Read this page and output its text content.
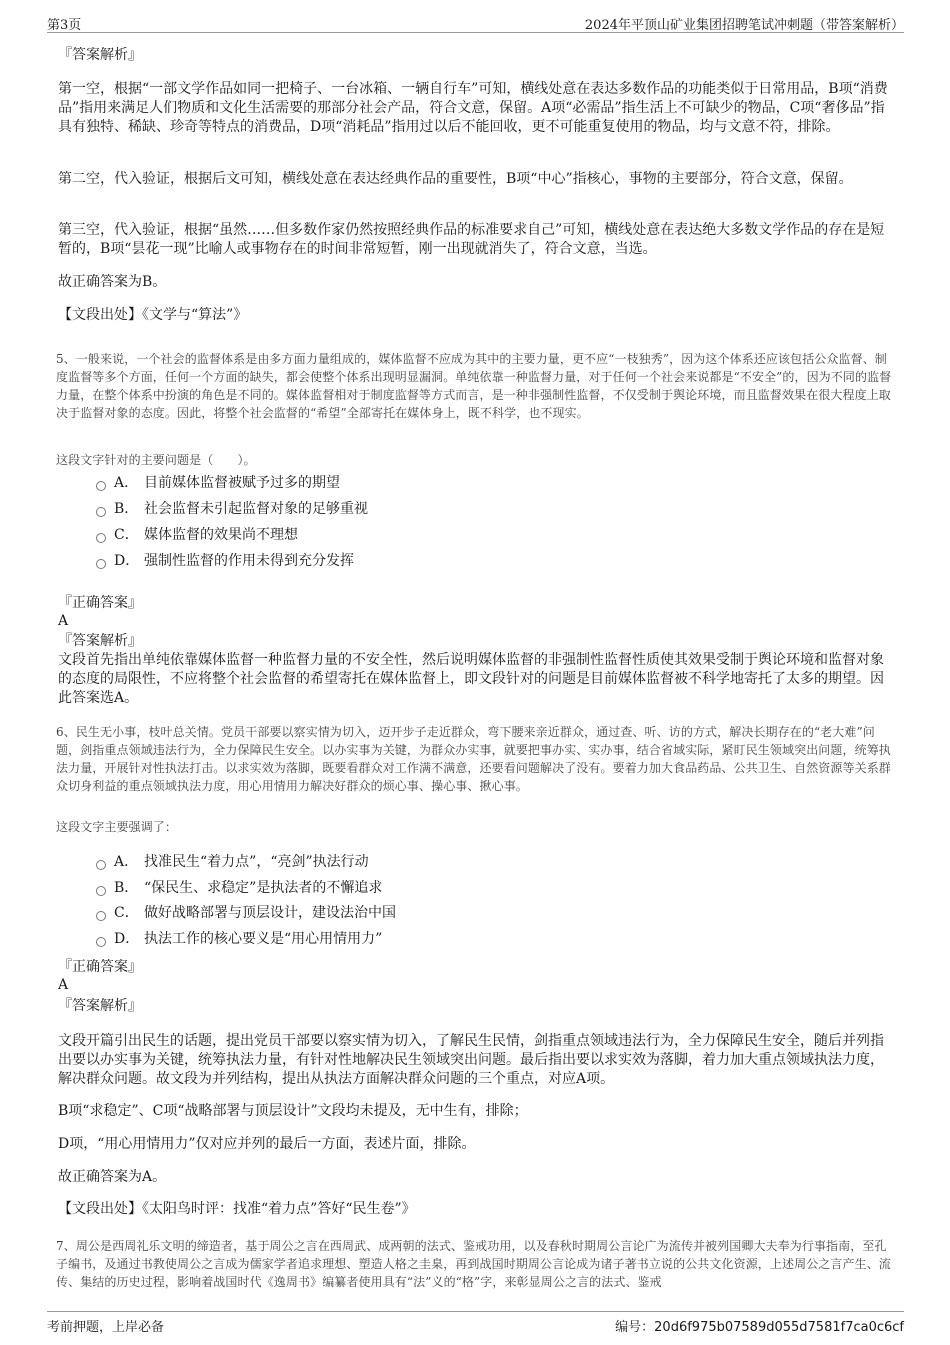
第3页	2024年平顶山矿业集团招聘笔试冲刺题（带答案解析）

『答案解析』

第一空，根据“一部文学作品如同一把椅子、一台冰箱、一辆自行车”可知，横线处意在表达多数作品的功能类似于日常用品，B项“消费品”指用来满足人们物质和文化生活需要的那部分社会产品，符合文意，保留。A项“必需品”指生活上不可缺少的物品，C项“奢侈品”指具有独特、稀缺、珍奇等特点的消费品，D项“消耗品”指用过以后不能回收，更不可能重复使用的物品，均与文意不符，排除。

第二空，代入验证，根据后文可知，横线处意在表达经典作品的重要性，B项“中心”指核心，事物的主要部分，符合文意，保留。

第三空，代入验证，根据“虽然……但多数作家仍然按照经典作品的标准要求自己”可知，横线处意在表达绝大多数文学作品的存在是短暂的，B项“昙花一现”比喻人或事物存在的时间非常短暂，刚一出现就消失了，符合文意，当选。

故正确答案为B。

【文段出处】《文学与“算法”》

5、一般来说，一个社会的监督体系是由多方面力量组成的，媒体监督不应成为其中的主要力量，更不应“一枝独秀”，因为这个体系还应该包括公众监督、制度监督等多个方面，任何一个方面的缺失，都会使整个体系出现明显漏洞。单纯依靠一种监督力量，对于任何一个社会来说都是“不安全”的，因为不同的监督力量，在整个体系中扮演的角色是不同的。媒体监督相对于制度监督等方式而言，是一种非强制性监督，不仅受制于舆论环境，而且监督效果在很大程度上取决于监督对象的态度。因此，将整个社会监督的“希望”全部寄托在媒体身上，既不科学，也不现实。

这段文字针对的主要问题是（　　）。

A． 目前媒体监督被赋予过多的期望
B． 社会监督未引起监督对象的足够重视
C． 媒体监督的效果尚不理想
D． 强制性监督的作用未得到充分发挥

『正确答案』

A

『答案解析』

文段首先指出单纯依靠媒体监督一种监督力量的不安全性，然后说明媒体监督的非强制性监督性质使其效果受制于舆论环境和监督对象的态度的局限性，不应将整个社会监督的希望寄托在媒体监督上，即文段针对的问题是目前媒体监督被不科学地寄托了太多的期望。因此答案选A。

6、民生无小事，枝叶总关情。党员干部要以察实情为切入，迈开步子走近群众，弯下腰来亲近群众，通过查、听、访的方式，解决长期存在的“老大难”问题，剑指重点领域违法行为，全力保障民生安全。以办实事为关键，为群众办实事，就要把事办实、实办事，结合省域实际，紧盯民生领域突出问题，统筹执法力量，开展针对性执法打击。以求实效为落脚，既要看群众对工作满不满意，还要看问题解决了没有。要着力加大食品药品、公共卫生、自然资源等关系群众切身利益的重点领域执法力度，用心用情用力解决好群众的烦心事、操心事、揪心事。

这段文字主要强调了：

A． 找准民生“着力点”，“亮剑”执法行动
B． “保民生、求稳定”是执法者的不懈追求
C． 做好战略部署与顶层设计，建设法治中国
D． 执法工作的核心要义是“用心用情用力”

『正确答案』

A

『答案解析』

文段开篇引出民生的话题，提出党员干部要以察实情为切入，了解民生民情，剑指重点领域违法行为，全力保障民生安全，随后并列指出要以办实事为关键，统筹执法力量，有针对性地解决民生领域突出问题。最后指出要以求实效为落脚，着力加大重点领域执法力度，解决群众问题。故文段为并列结构，提出从执法方面解决群众问题的三个重点，对应A项。

B项“求稳定”、C项“战略部署与顶层设计”文段均未提及，无中生有，排除；

D项，“用心用情用力”仅对应并列的最后一方面，表述片面，排除。

故正确答案为A。

【文段出处】《太阳鸟时评：找准“着力点”答好“民生卷”》

7、周公是西周礼乐文明的缔造者，基于周公之言在西周武、成两朝的法式、鉴戒功用，以及春秋时期周公言论广为流传并被列国卿大夫奉为行事指南，至孔子编书，及通过书教使周公之言成为儒家学者追求理想、塑造人格之圭臬，再到战国时期周公言论成为诸子著书立说的公共文化资源，上述周公之言产生、流传、集结的历史过程，影响着战国时代《逸周书》编纂者使用具有“法”义的“格”字，来彰显周公之言的法式、鉴戒

考前押题，上岸必备	编号：20d6f975b07589d055d7581f7ca0c6cf
